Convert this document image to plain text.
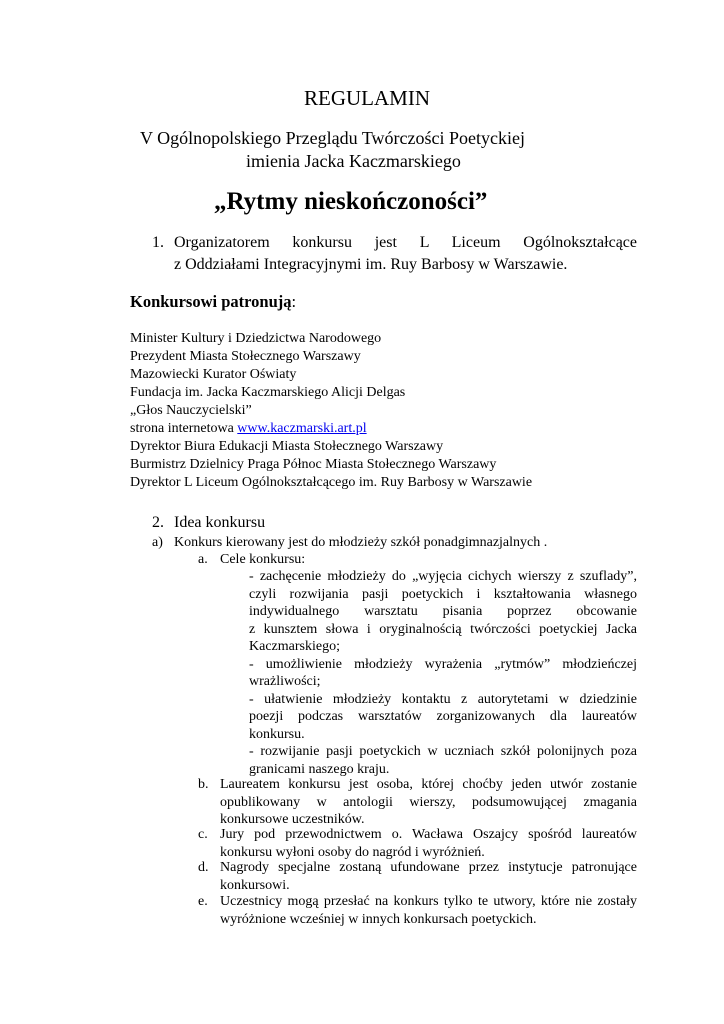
REGULAMIN
V Ogólnopolskiego Przeglądu Twórczości Poetyckiej
imienia Jacka Kaczmarskiego
„Rytmy nieskończoności”
1. Organizatorem konkursu jest L Liceum Ogólnokształcące
z Oddziałami Integracyjnymi im. Ruy Barbosy w Warszawie.
Konkursowi patronują:
Minister Kultury i Dziedzictwa Narodowego
Prezydent Miasta Stołecznego Warszawy
Mazowiecki Kurator Oświaty
Fundacja im. Jacka Kaczmarskiego Alicji Delgas
„Głos Nauczycielski”
strona internetowa www.kaczmarski.art.pl
Dyrektor Biura Edukacji Miasta Stołecznego Warszawy
Burmistrz Dzielnicy Praga Północ Miasta Stołecznego Warszawy
Dyrektor L Liceum Ogólnokształcącego im. Ruy Barbosy w Warszawie
2. Idea konkursu
a) Konkurs kierowany jest do młodzieży szkół ponadgimnazjalnych .
a. Cele konkursu:
- zachęcenie młodzieży do „wyjęcia cichych wierszy z szuflady”,
czyli rozwijania pasji poetyckich i kształtowania własnego
indywidualnego warsztatu pisania poprzez obcowanie
z kunsztem słowa i oryginalnością twórczości poetyckiej Jacka
Kaczmarskiego;
- umożliwienie młodzieży wyrażenia „rytmów” młodzieńczej
wrażliwości;
- ułatwienie młodzieży kontaktu z autorytetami w dziedzinie
poezji podczas warsztatów zorganizowanych dla laureatów
konkursu.
- rozwijanie pasji poetyckich w uczniach szkół polonijnych poza
granicami naszego kraju.
b. Laureatem konkursu jest osoba, której choćby jeden utwór zostanie
opublikowany w antologii wierszy, podsumowującej zmagania
konkursowe uczestników.
c. Jury pod przewodnictwem o. Wacława Oszajcy spośród laureatów
konkursu wyłoni osoby do nagród i wyróżnień.
d. Nagrody specjalne zostaną ufundowane przez instytucje patronujące
konkursowi.
e. Uczestnicy mogą przesłać na konkurs tylko te utwory, które nie zostały
wyróżnione wcześniej w innych konkursach poetyckich.
